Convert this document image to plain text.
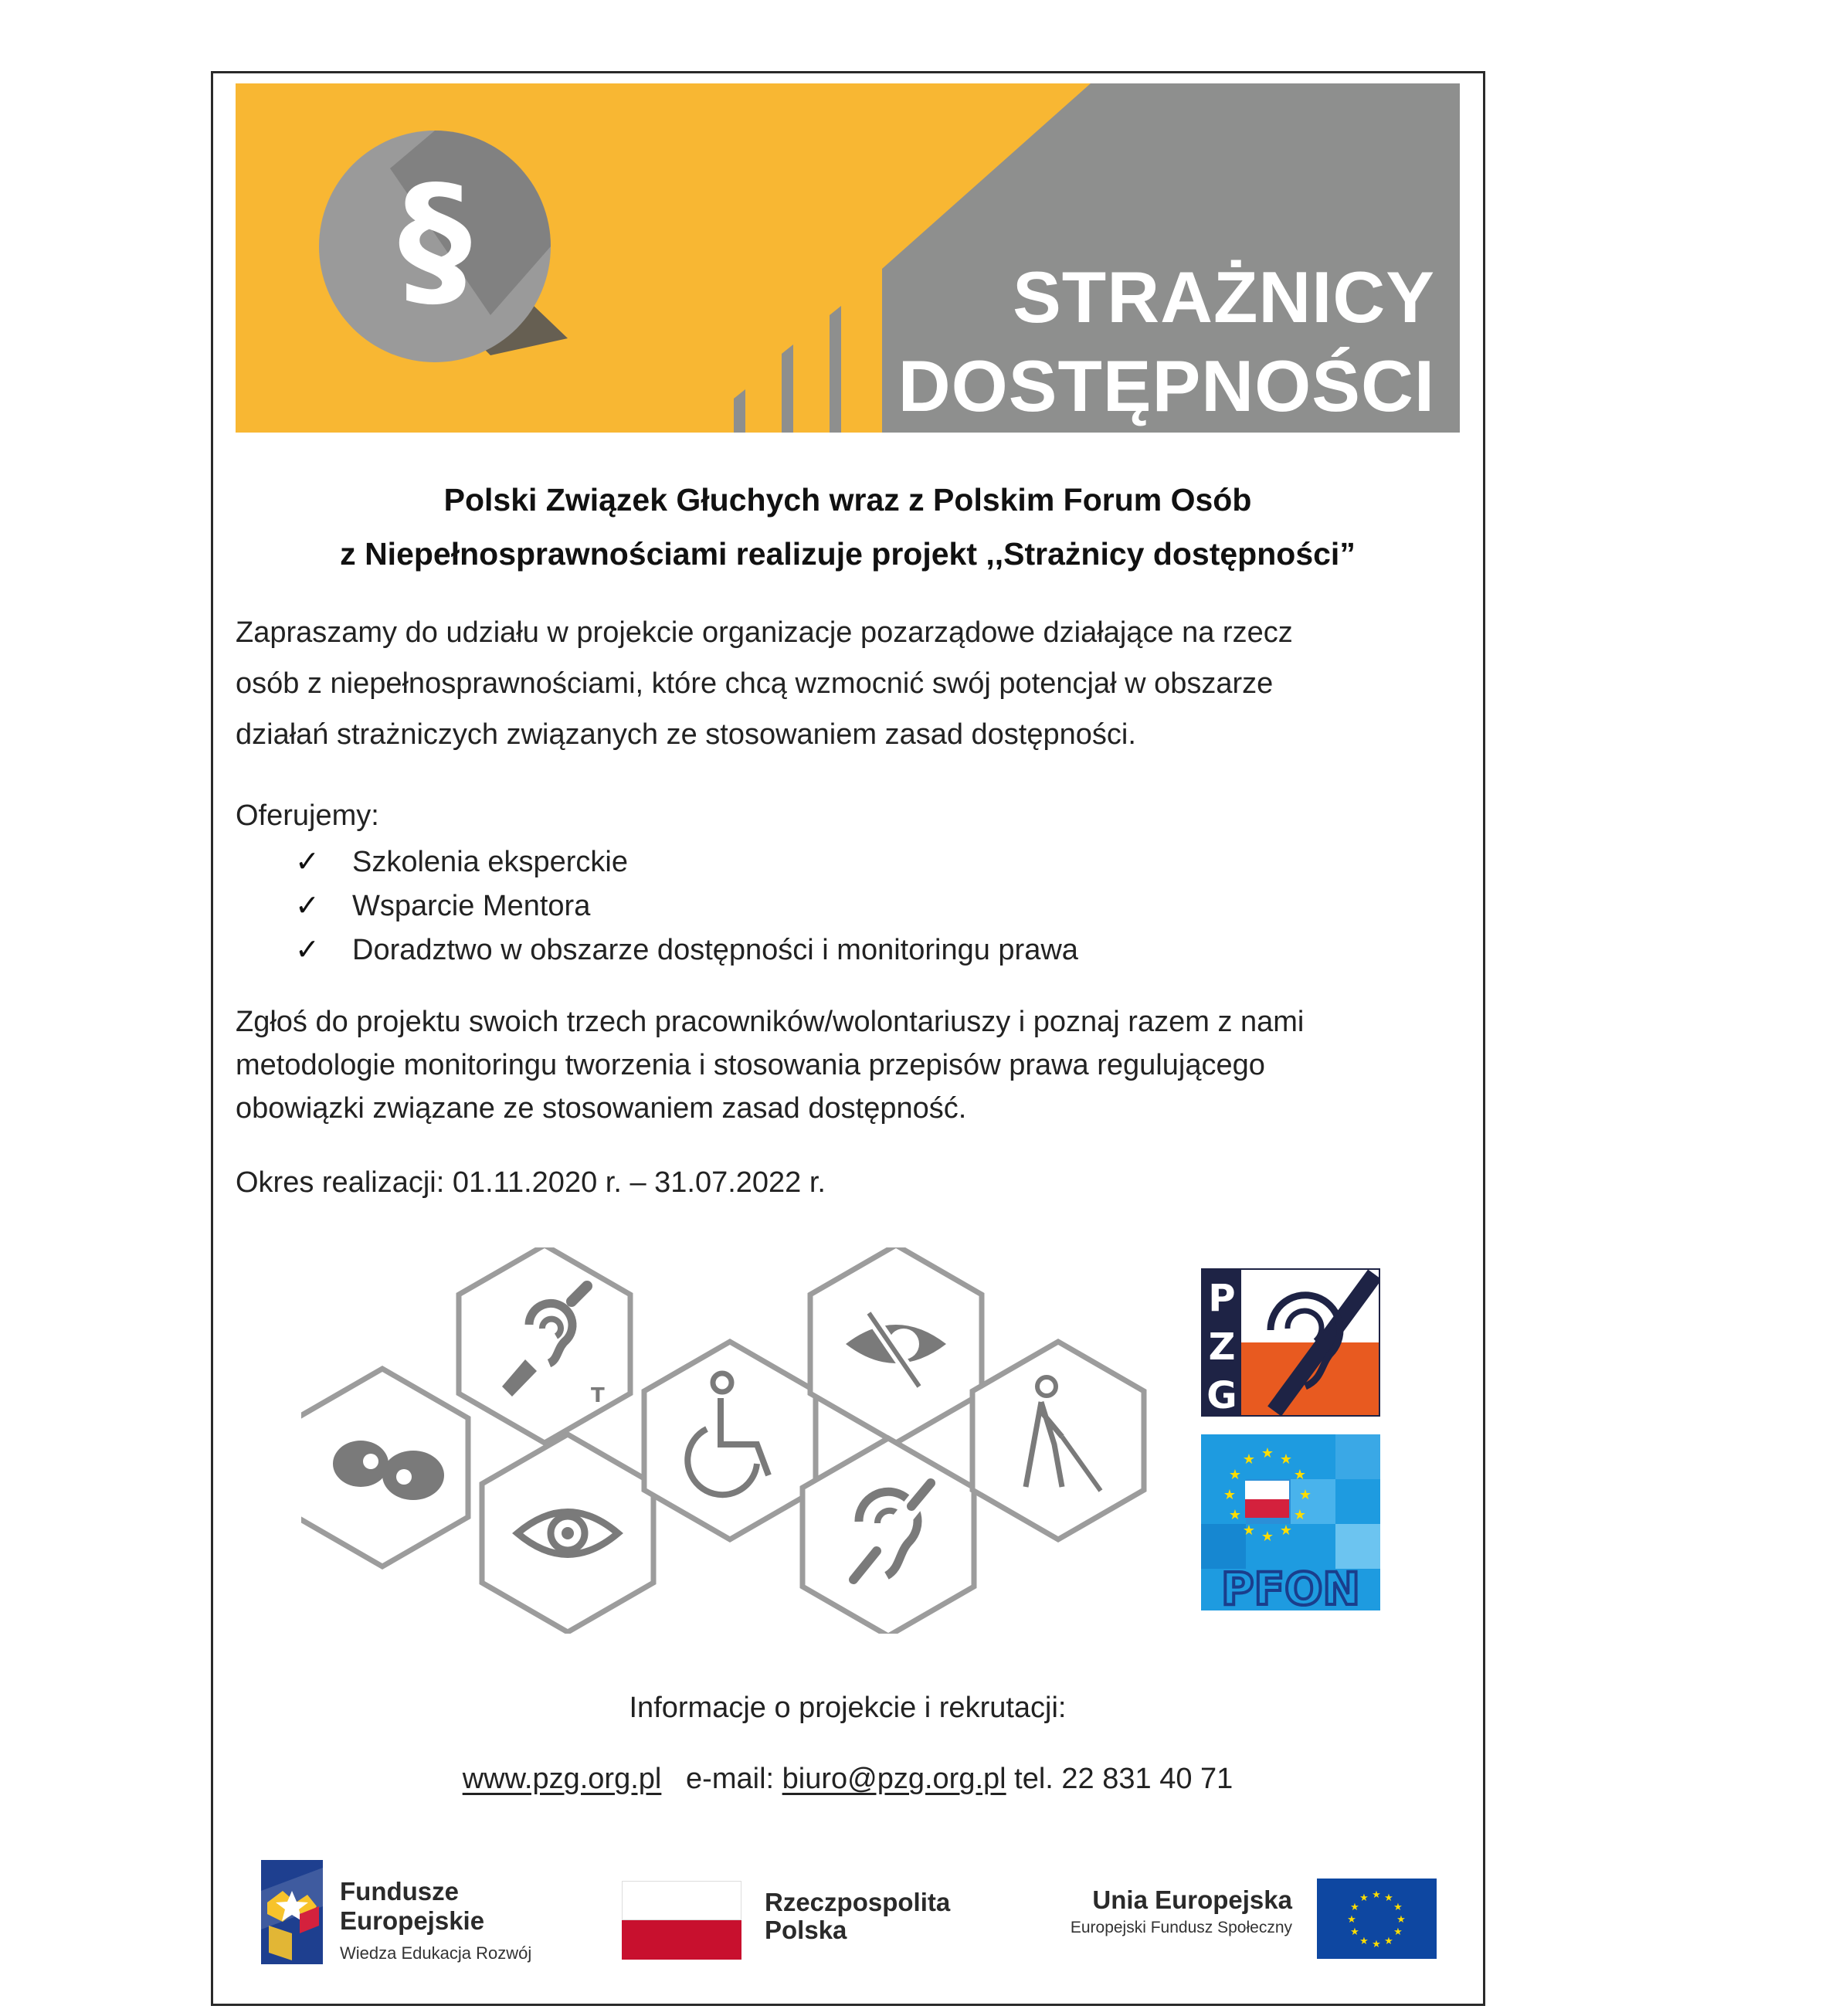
§	STRAŻNICY
DOSTĘPNOŚCI
Polski Związek Głuchych wraz z Polskim Forum Osób
z Niepełnosprawnościami realizuje projekt ,,Strażnicy dostępności”
Zapraszamy do udziału w projekcie organizacje pozarządowe działające na rzecz
osób z niepełnosprawnościami, które chcą wzmocnić swój potencjał w obszarze
działań strażniczych związanych ze stosowaniem zasad dostępności.
Oferujemy:
✓ Szkolenia eksperckie
✓ Wsparcie Mentora
✓ Doradztwo w obszarze dostępności i monitoringu prawa
Zgłoś do projektu swoich trzech pracowników/wolontariuszy i poznaj razem z nami
metodologie monitoringu tworzenia i stosowania przepisów prawa regulującego
obowiązki związane ze stosowaniem zasad dostępność.
Okres realizacji: 01.11.2020 r. – 31.07.2022 r.
T
P
Z
G
★ ★
★
★
★
★
★
★
★
★
★
★
PFON
Informacje o projekcie i rekrutacji:
www.pzg.org.pl e-mail: biuro@pzg.org.pl tel. 22 831 40 71
Fundusze
Europejskie
Wiedza Edukacja Rozwój
Rzeczpospolita
Polska
Unia Europejska
Europejski Fundusz Społeczny
★ ★
★
★
★
★
★
★
★
★
★
★
